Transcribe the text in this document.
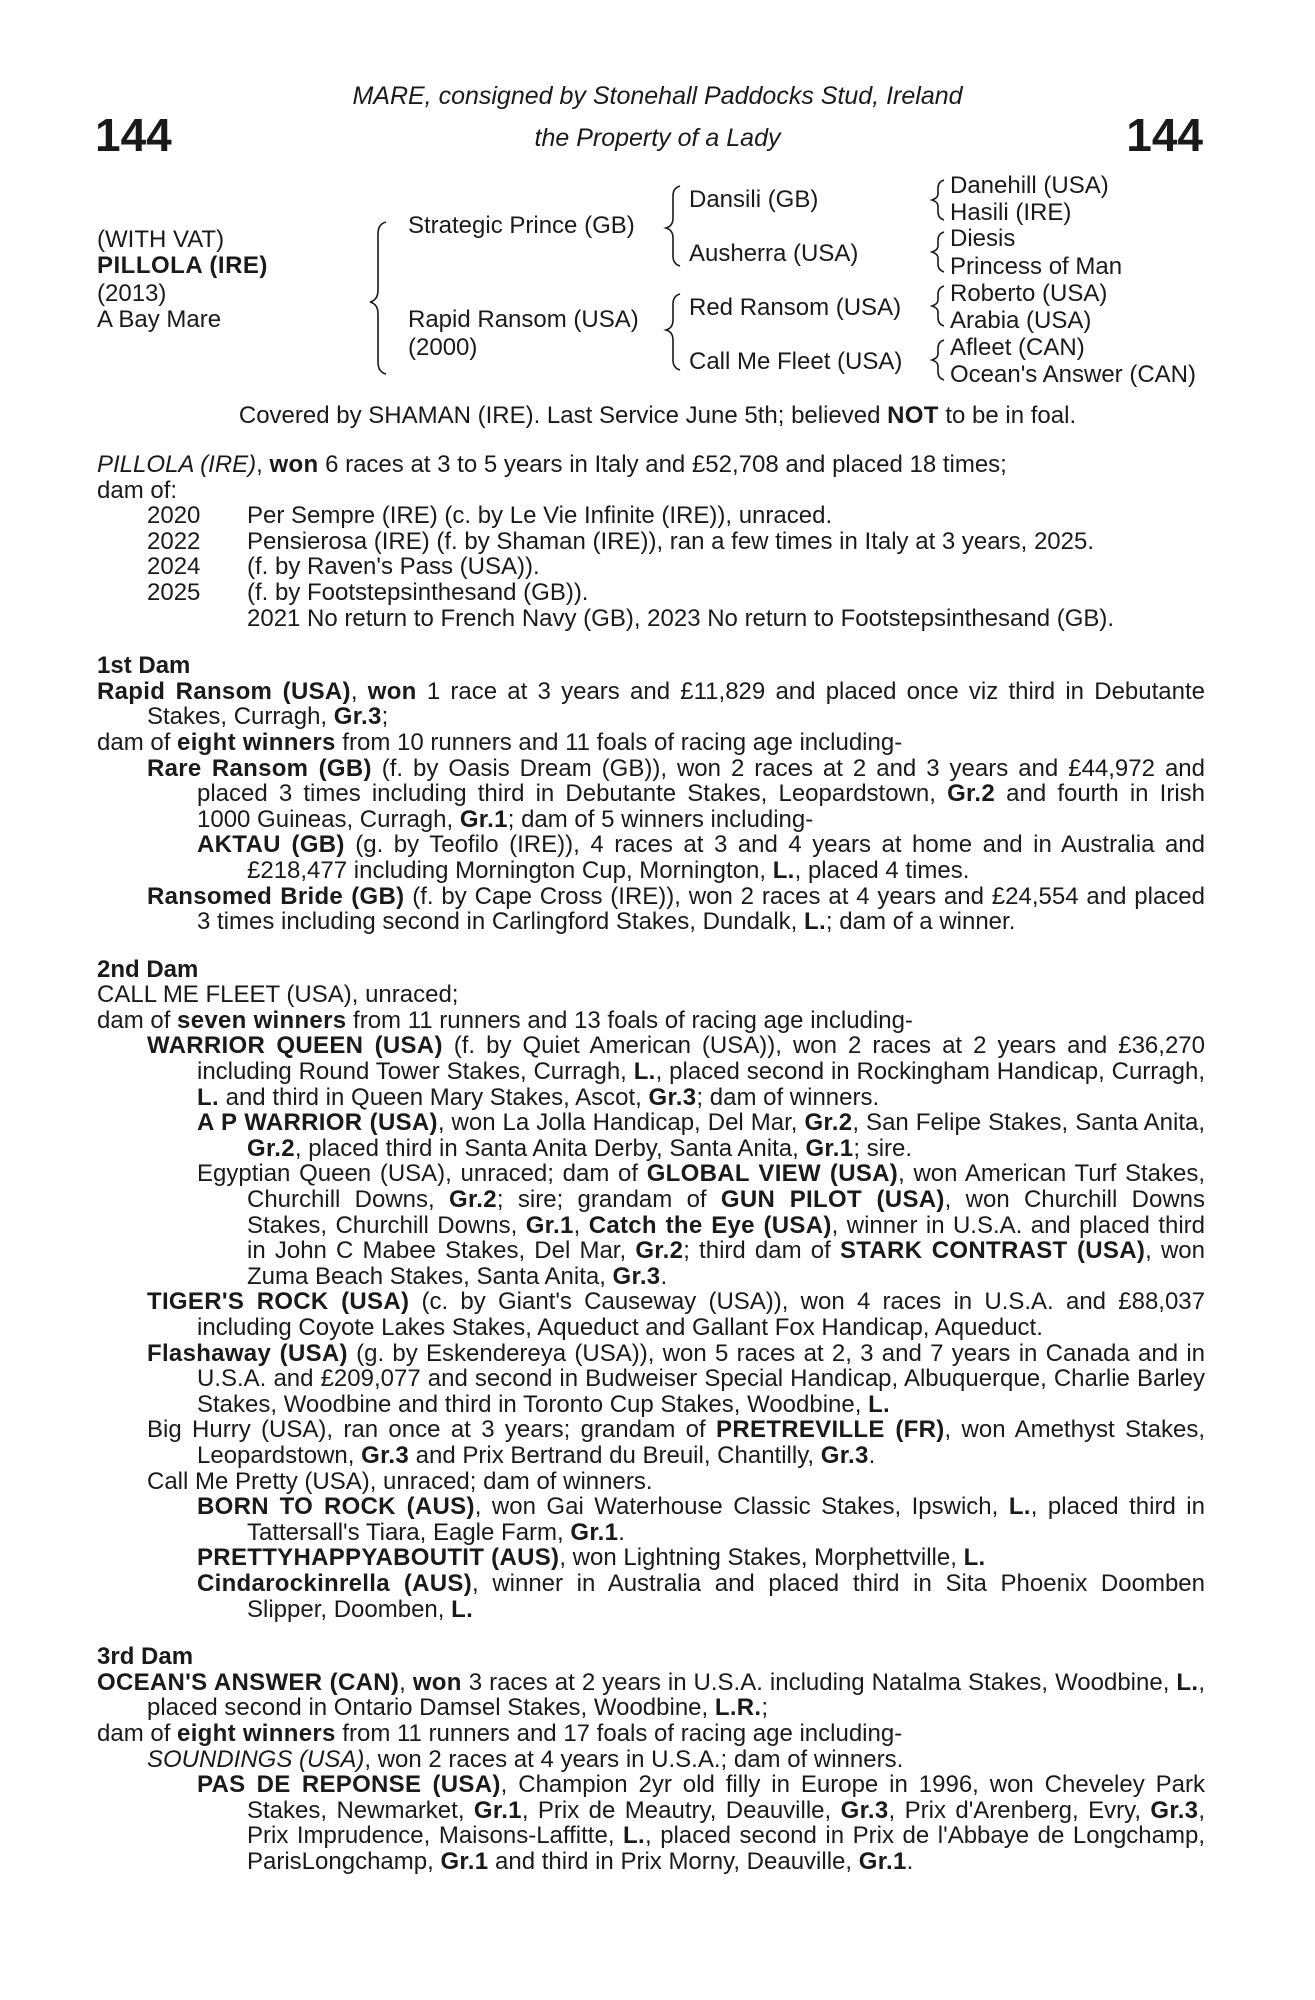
144	144
MARE, consigned by Stonehall Paddocks Stud, Ireland
the Property of a Lady
(WITH VAT)
PILLOLA (IRE)
(2013)
A Bay Mare
Strategic Prince (GB)
Rapid Ransom (USA)
(2000)
Dansili (GB)
Ausherra (USA)
Red Ransom (USA)
Call Me Fleet (USA)
Danehill (USA)
Hasili (IRE)
Diesis
Princess of Man
Roberto (USA)
Arabia (USA)
Afleet (CAN)
Ocean's Answer (CAN)
Covered by SHAMAN (IRE). Last Service June 5th; believed NOT to be in foal.

PILLOLA (IRE), won 6 races at 3 to 5 years in Italy and £52,708 and placed 18 times;

dam of:

2020	Per Sempre (IRE) (c. by Le Vie Infinite (IRE)), unraced.
2022	Pensierosa (IRE) (f. by Shaman (IRE)), ran a few times in Italy at 3 years, 2025.
2024	(f. by Raven's Pass (USA)).
2025	(f. by Footstepsinthesand (GB)).
2021 No return to French Navy (GB), 2023 No return to Footstepsinthesand (GB).

1st Dam

Rapid Ransom (USA), won 1 race at 3 years and £11,829 and placed once viz third in Debutante Stakes, Curragh, Gr.3;

dam of eight winners from 10 runners and 11 foals of racing age including-

Rare Ransom (GB) (f. by Oasis Dream (GB)), won 2 races at 2 and 3 years and £44,972 and placed 3 times including third in Debutante Stakes, Leopardstown, Gr.2 and fourth in Irish 1000 Guineas, Curragh, Gr.1; dam of 5 winners including-

AKTAU (GB) (g. by Teofilo (IRE)), 4 races at 3 and 4 years at home and in Australia and £218,477 including Mornington Cup, Mornington, L., placed 4 times.

Ransomed Bride (GB) (f. by Cape Cross (IRE)), won 2 races at 4 years and £24,554 and placed 3 times including second in Carlingford Stakes, Dundalk, L.; dam of a winner.

2nd Dam

CALL ME FLEET (USA), unraced;

dam of seven winners from 11 runners and 13 foals of racing age including-

WARRIOR QUEEN (USA) (f. by Quiet American (USA)), won 2 races at 2 years and £36,270 including Round Tower Stakes, Curragh, L., placed second in Rockingham Handicap, Curragh, L. and third in Queen Mary Stakes, Ascot, Gr.3; dam of winners.

A P WARRIOR (USA), won La Jolla Handicap, Del Mar, Gr.2, San Felipe Stakes, Santa Anita, Gr.2, placed third in Santa Anita Derby, Santa Anita, Gr.1; sire.

Egyptian Queen (USA), unraced; dam of GLOBAL VIEW (USA), won American Turf Stakes, Churchill Downs, Gr.2; sire; grandam of GUN PILOT (USA), won Churchill Downs Stakes, Churchill Downs, Gr.1, Catch the Eye (USA), winner in U.S.A. and placed third in John C Mabee Stakes, Del Mar, Gr.2; third dam of STARK CONTRAST (USA), won Zuma Beach Stakes, Santa Anita, Gr.3.

TIGER'S ROCK (USA) (c. by Giant's Causeway (USA)), won 4 races in U.S.A. and £88,037 including Coyote Lakes Stakes, Aqueduct and Gallant Fox Handicap, Aqueduct.

Flashaway (USA) (g. by Eskendereya (USA)), won 5 races at 2, 3 and 7 years in Canada and in U.S.A. and £209,077 and second in Budweiser Special Handicap, Albuquerque, Charlie Barley Stakes, Woodbine and third in Toronto Cup Stakes, Woodbine, L.

Big Hurry (USA), ran once at 3 years; grandam of PRETREVILLE (FR), won Amethyst Stakes, Leopardstown, Gr.3 and Prix Bertrand du Breuil, Chantilly, Gr.3.

Call Me Pretty (USA), unraced; dam of winners.

BORN TO ROCK (AUS), won Gai Waterhouse Classic Stakes, Ipswich, L., placed third in Tattersall's Tiara, Eagle Farm, Gr.1.

PRETTYHAPPYABOUTIT (AUS), won Lightning Stakes, Morphettville, L.

Cindarockinrella (AUS), winner in Australia and placed third in Sita Phoenix Doomben Slipper, Doomben, L.

3rd Dam

OCEAN'S ANSWER (CAN), won 3 races at 2 years in U.S.A. including Natalma Stakes, Woodbine, L., placed second in Ontario Damsel Stakes, Woodbine, L.R.;

dam of eight winners from 11 runners and 17 foals of racing age including-

SOUNDINGS (USA), won 2 races at 4 years in U.S.A.; dam of winners.

PAS DE REPONSE (USA), Champion 2yr old filly in Europe in 1996, won Cheveley Park Stakes, Newmarket, Gr.1, Prix de Meautry, Deauville, Gr.3, Prix d'Arenberg, Evry, Gr.3, Prix Imprudence, Maisons-Laffitte, L., placed second in Prix de l'Abbaye de Longchamp, ParisLongchamp, Gr.1 and third in Prix Morny, Deauville, Gr.1.
